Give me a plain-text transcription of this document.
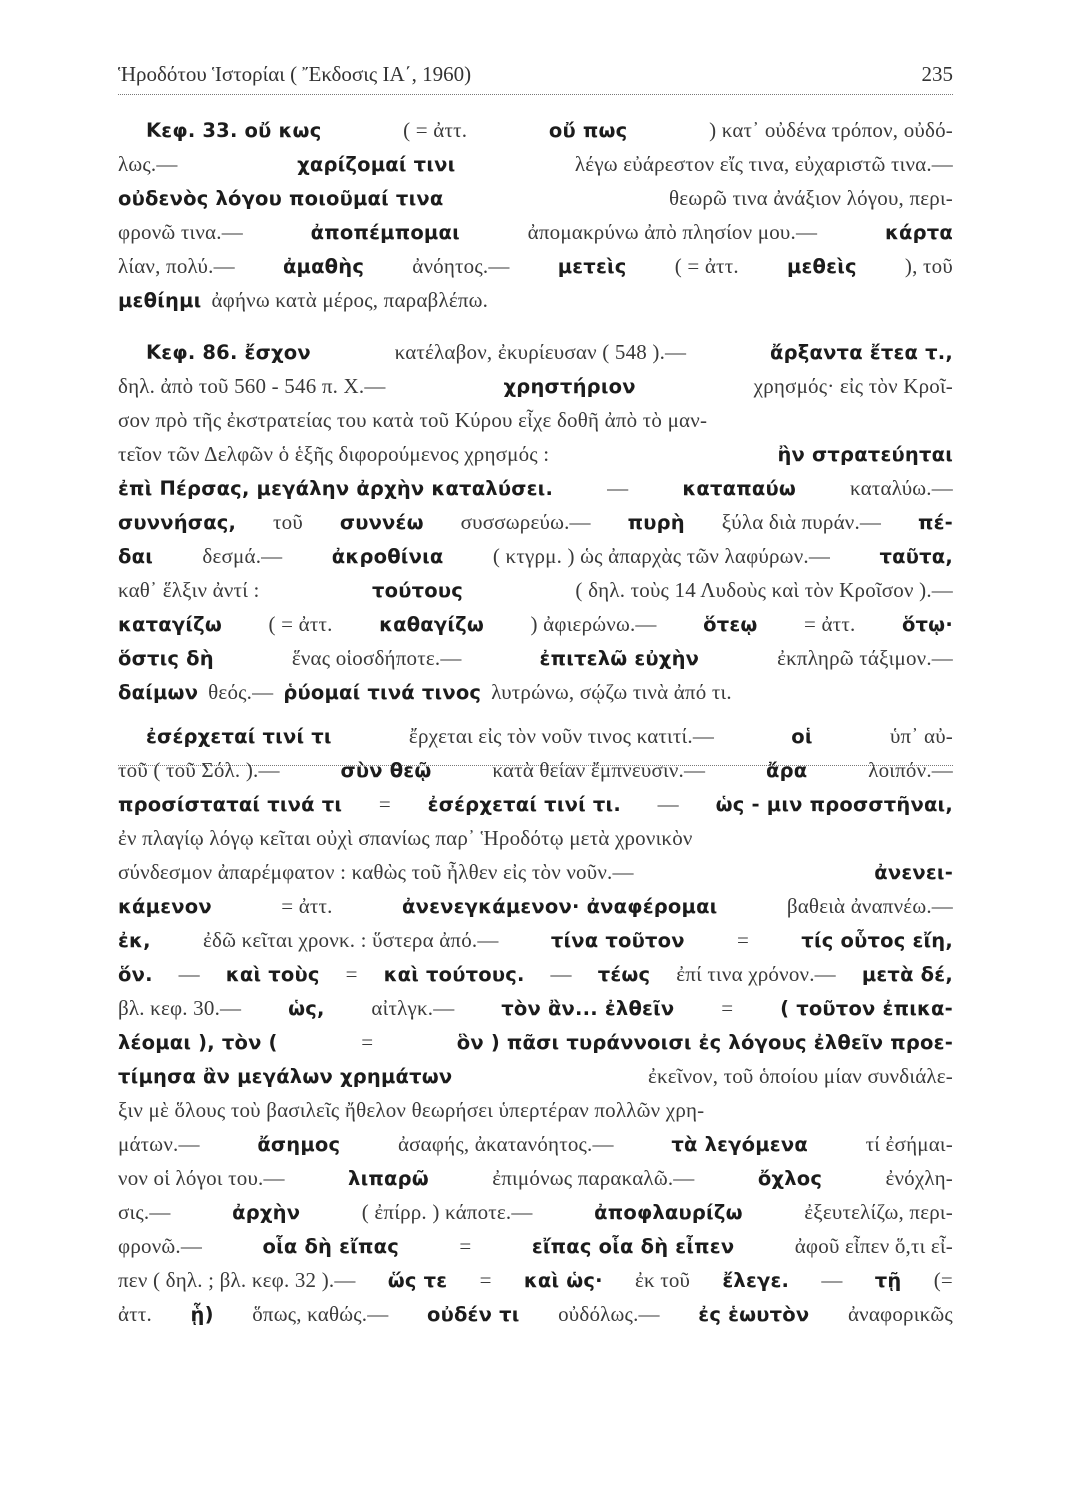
Ἡροδότου Ἱστορίαι ( Ἔκδοσις ΙΑ΄, 1960)	235
Κεφ. 33. οὔ κως	( = ἀττ.	οὔ πως	) κατ᾽ οὐδένα τρόπον, οὐδό-
λως.—	χαρίζομαί τινι	λέγω εὐάρεστον εἴς τινα, εὐχαριστῶ τινα.—
οὐδενὸς λόγου ποιοῦμαί τινα	θεωρῶ τινα ἀνάξιον λόγου, περι-
φρονῶ τινα.—	ἀποπέμπομαι	ἀπομακρύνω ἀπὸ πλησίον μου.—	κάρτα
λίαν, πολύ.— ἀμαθὴς ἀνόητος.— μετεὶς ( = ἀττ. μεθεὶς ), τοῦ
μεθίημι ἀφήνω κατὰ μέρος, παραβλέπω.
Κεφ. 86. ἔσχον	κατέλαβον, ἐκυρίευσαν ( 548 ).—	ἄρξαντα ἔτεα τ.,
δηλ. ἀπὸ τοῦ 560 - 546 π. Χ.—	χρηστήριον	χρησμός· εἰς τὸν Κροῖ-
σον πρὸ τῆς ἐκστρατείας του κατὰ τοῦ Κύρου εἶχε δοθῆ ἀπὸ τὸ μαν-
τεῖον τῶν Δελφῶν ὁ ἑξῆς διφορούμενος χρησμός :	ἢν στρατεύηται
ἐπὶ Πέρσας, μεγάλην ἀρχὴν καταλύσει.	—	καταπαύω	καταλύω.—
συννήσας, τοῦ συννέω συσσωρεύω.— πυρὴ ξύλα διὰ πυράν.— πέ-
δαι δεσμά.—	ἀκροθίνια ( κτγρμ. ) ὡς ἀπαρχὰς τῶν λαφύρων.—	ταῦτα,
καθ᾽ ἕλξιν ἀντί :	τούτους	( δηλ. τοὺς 14 Λυδοὺς καὶ τὸν Κροῖσον ).—
καταγίζω ( = ἀττ. καθαγίζω ) ἀφιερώνω.— ὅτεῳ = ἀττ. ὅτῳ·
ὅστις δὴ	ἕνας οἱοσδήποτε.—	ἐπιτελῶ εὐχὴν	ἐκπληρῶ τάξιμον.—
δαίμων θεός.— ῥύομαί τινά τινος λυτρώνω, σῴζω τινὰ ἀπό τι.
ἐσέρχεταί τινί τι	ἔρχεται εἰς τὸν νοῦν τινος κατιτί.—	οἱ	ὑπ᾽ αὐ-
τοῦ ( τοῦ Σόλ. ).—	σὺν θεῷ	κατὰ θείαν ἔμπνευσιν.—	ἄρα	λοιπόν.—
προσίσταταί τινά τι = ἐσέρχεταί τινί τι. — ὡς - μιν προσστῆναι,
ἐν πλαγίῳ λόγῳ κεῖται οὐχὶ σπανίως παρ᾽ Ἡροδότῳ μετὰ χρονικὸν
σύνδεσμον ἀπαρέμφατον : καθὼς τοῦ ἦλθεν εἰς τὸν νοῦν.—	ἀνενει-
κάμενον	= ἀττ.	ἀνενεγκάμενον· ἀναφέρομαι	βαθειὰ ἀναπνέω.—
ἐκ, ἐδῶ κεῖται χρονκ. : ὕστερα ἀπό.—	τίνα τοῦτον =	τίς οὗτος εἴη,
ὅν. — καὶ τοὺς = καὶ τούτους. — τέως ἐπί τινα χρόνον.— μετὰ δέ,
βλ. κεφ. 30.— ὡς, αἰτλγκ.— τὸν ἂν... ἐλθεῖν = ( τοῦτον ἐπικα-
λέομαι ), τὸν (	=	ὃν ) πᾶσι τυράννοισι ἐς λόγους ἐλθεῖν προε-
τίμησα ἂν μεγάλων χρημάτων	ἐκεῖνον, τοῦ ὁποίου μίαν συνδιάλε-
ξιν μὲ ὅλους τοὺ βασιλεῖς ἤθελον θεωρήσει ὑπερτέραν πολλῶν χρη-
μάτων.—	ἄσημος	ἀσαφής, ἀκατανόητος.—	τὰ λεγόμενα	τί ἐσήμαι-
νον οἱ λόγοι του.—	λιπαρῶ	ἐπιμόνως παρακαλῶ.—	ὄχλος	ἐνόχλη-
σις.—	ἀρχὴν	( ἐπίρρ. ) κάποτε.—	ἀποφλαυρίζω	ἐξευτελίζω, περι-
φρονῶ.—	οἷα δὴ εἴπας	=	εἴπας οἷα δὴ εἶπεν	ἀφοῦ εἶπεν ὅ,τι εἶ-
πεν ( δηλ. ; βλ. κεφ. 32 ).— ὥς τε = καὶ ὡς· ἐκ τοῦ ἔλεγε. — τῇ (=
ἀττ. ᾗ) ὅπως, καθώς.— οὐδέν τι οὐδόλως.— ἐς ἑωυτὸν ἀναφορικῶς
